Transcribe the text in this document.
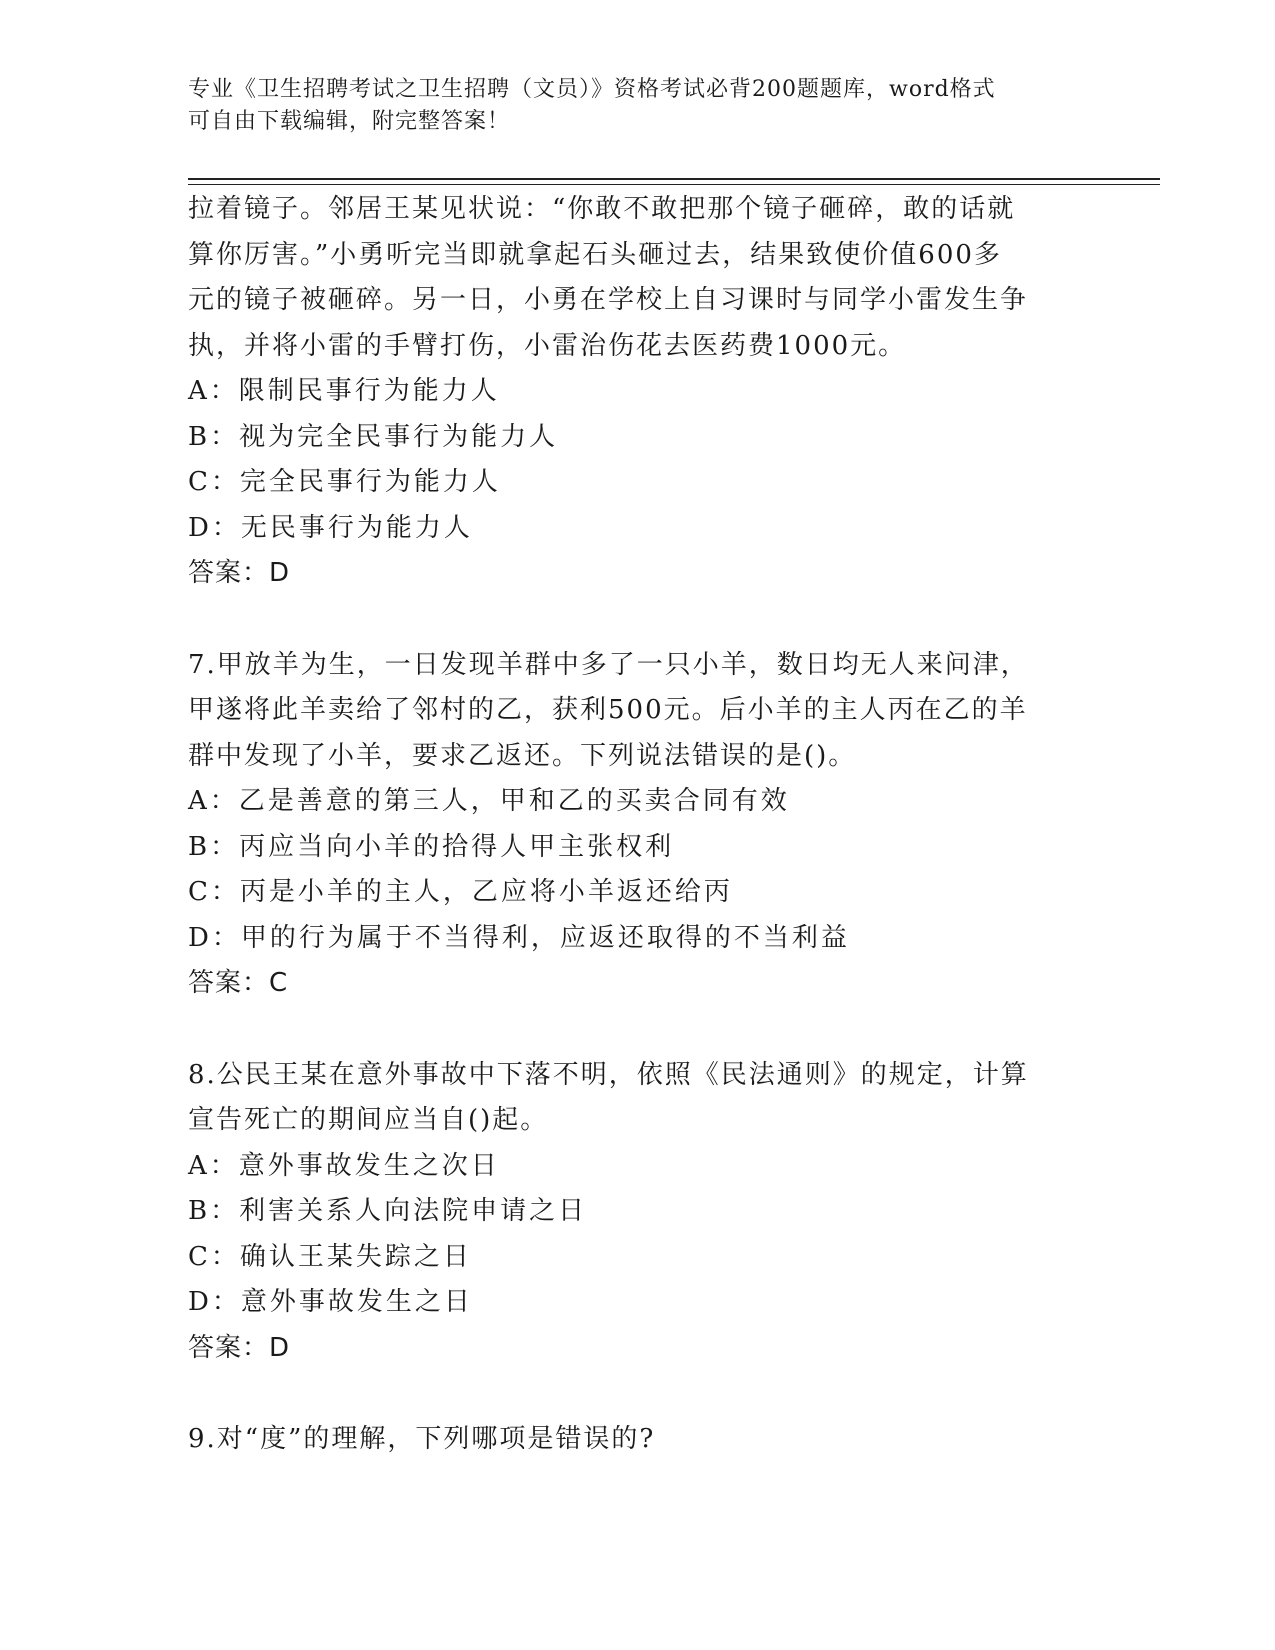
专业《卫生招聘考试之卫生招聘（文员）》资格考试必背200题题库，word格式
可自由下载编辑，附完整答案！

拉着镜子。邻居王某见状说：“你敢不敢把那个镜子砸碎，敢的话就

算你厉害。”小勇听完当即就拿起石头砸过去，结果致使价值600多

元的镜子被砸碎。另一日，小勇在学校上自习课时与同学小雷发生争

执，并将小雷的手臂打伤，小雷治伤花去医药费1000元。

A：限制民事行为能力人

B：视为完全民事行为能力人

C：完全民事行为能力人

D：无民事行为能力人

答案：D

7.甲放羊为生，一日发现羊群中多了一只小羊，数日均无人来问津，

甲遂将此羊卖给了邻村的乙，获利500元。后小羊的主人丙在乙的羊

群中发现了小羊，要求乙返还。下列说法错误的是()。

A：乙是善意的第三人，甲和乙的买卖合同有效

B：丙应当向小羊的拾得人甲主张权利

C：丙是小羊的主人，乙应将小羊返还给丙

D：甲的行为属于不当得利，应返还取得的不当利益

答案：C

8.公民王某在意外事故中下落不明，依照《民法通则》的规定，计算

宣告死亡的期间应当自()起。

A：意外事故发生之次日

B：利害关系人向法院申请之日

C：确认王某失踪之日

D：意外事故发生之日

答案：D

9.对“度”的理解，下列哪项是错误的?
